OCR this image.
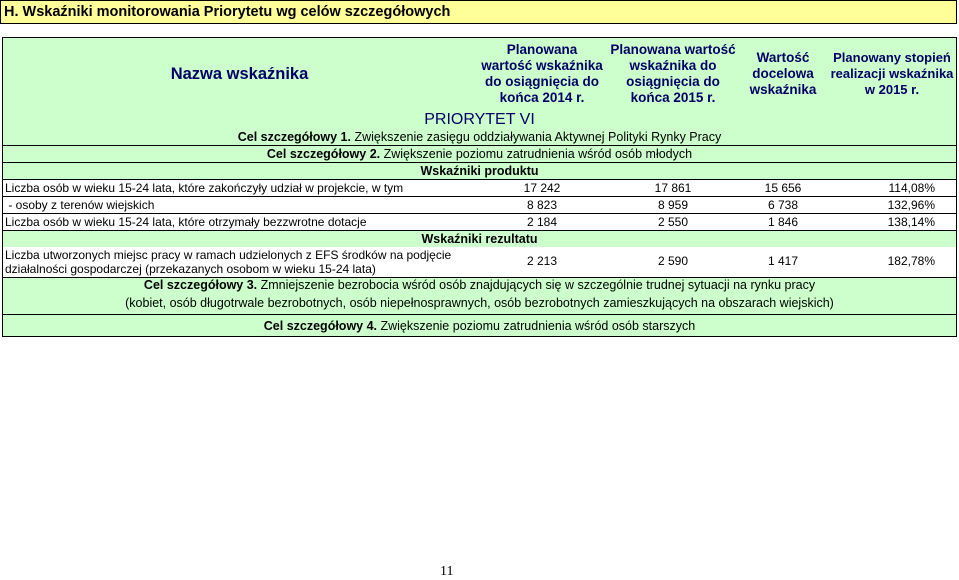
H. Wskaźniki monitorowania Priorytetu wg celów szczegółowych
Nazwa wskaźnika	Planowana wartość wskaźnika do osiągnięcia do końca 2014 r.	Planowana wartość wskaźnika do osiągnięcia do końca 2015 r.	Wartość docelowa wskaźnika	Planowany stopień realizacji wskaźnika w 2015 r.
PRIORYTET VI				
Cel szczegółowy 1. Zwiększenie zasięgu oddziaływania Aktywnej Polityki Rynky Pracy				
Cel szczegółowy 2. Zwiększenie poziomu zatrudnienia wśród osób młodych				
Wskaźniki produktu				
Liczba osób w wieku 15-24 lata, które zakończyły udział w projekcie, w tym	17 242	17 861	15 656	114,08%
- osoby z terenów wiejskich	8 823	8 959	6 738	132,96%
Liczba osób w wieku 15-24 lata, które otrzymały bezzwrotne dotacje	2 184	2 550	1 846	138,14%
Wskaźniki rezultatu				
Liczba utworzonych miejsc pracy w ramach udzielonych z EFS środków na podjęcie działalności gospodarczej (przekazanych osobom w wieku 15-24 lata)	2 213	2 590	1 417	182,78%
Cel szczegółowy 3. Zmniejszenie bezrobocia wśród osób znajdujących się w szczególnie trudnej sytuacji na rynku pracy				
(kobiet, osób długotrwale bezrobotnych, osób niepełnosprawnych, osób bezrobotnych zamieszkujących na obszarach wiejskich)				
Cel szczegółowy 4. Zwiększenie poziomu zatrudnienia wśród osób starszych				
11
